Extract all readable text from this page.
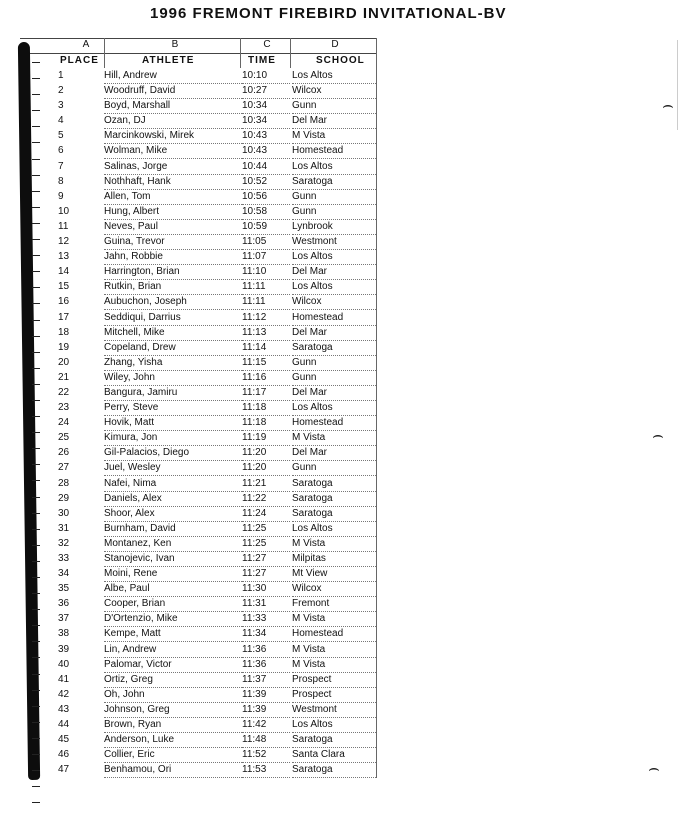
1996 FREMONT FIREBIRD INVITATIONAL-BV
A	B	C	D
PLACE	ATHLETE	TIME	SCHOOL
1	Hill, Andrew	10:10	Los Altos
2	Woodruff, David	10:27	Wilcox
3	Boyd, Marshall	10:34	Gunn
4	Ozan, DJ	10:34	Del Mar
5	Marcinkowski, Mirek	10:43	M Vista
6	Wolman, Mike	10:43	Homestead
7	Salinas, Jorge	10:44	Los Altos
8	Nothhaft, Hank	10:52	Saratoga
9	Allen, Tom	10:56	Gunn
10	Hung, Albert	10:58	Gunn
11	Neves, Paul	10:59	Lynbrook
12	Guina, Trevor	11:05	Westmont
13	Jahn, Robbie	11:07	Los Altos
14	Harrington, Brian	11:10	Del Mar
15	Rutkin, Brian	11:11	Los Altos
16	Aubuchon, Joseph	11:11	Wilcox
17	Seddiqui, Darrius	11:12	Homestead
18	Mitchell, Mike	11:13	Del Mar
19	Copeland, Drew	11:14	Saratoga
20	Zhang, Yisha	11:15	Gunn
21	Wiley, John	11:16	Gunn
22	Bangura, Jamiru	11:17	Del Mar
23	Perry, Steve	11:18	Los Altos
24	Hovik, Matt	11:18	Homestead
25	Kimura, Jon	11:19	M Vista
26	Gil-Palacios, Diego	11:20	Del Mar
27	Juel, Wesley	11:20	Gunn
28	Nafei, Nima	11:21	Saratoga
29	Daniels, Alex	11:22	Saratoga
30	Shoor, Alex	11:24	Saratoga
31	Burnham, David	11:25	Los Altos
32	Montanez, Ken	11:25	M Vista
33	Stanojevic, Ivan	11:27	Milpitas
34	Moini, Rene	11:27	Mt View
35	Albe, Paul	11:30	Wilcox
36	Cooper, Brian	11:31	Fremont
37	D'Ortenzio, Mike	11:33	M Vista
38	Kempe, Matt	11:34	Homestead
39	Lin, Andrew	11:36	M Vista
40	Palomar, Victor	11:36	M Vista
41	Ortiz, Greg	11:37	Prospect
42	Oh, John	11:39	Prospect
43	Johnson, Greg	11:39	Westmont
44	Brown, Ryan	11:42	Los Altos
45	Anderson, Luke	11:48	Saratoga
46	Collier, Eric	11:52	Santa Clara
47	Benhamou, Ori	11:53	Saratoga
⌢
⌢
⌢
